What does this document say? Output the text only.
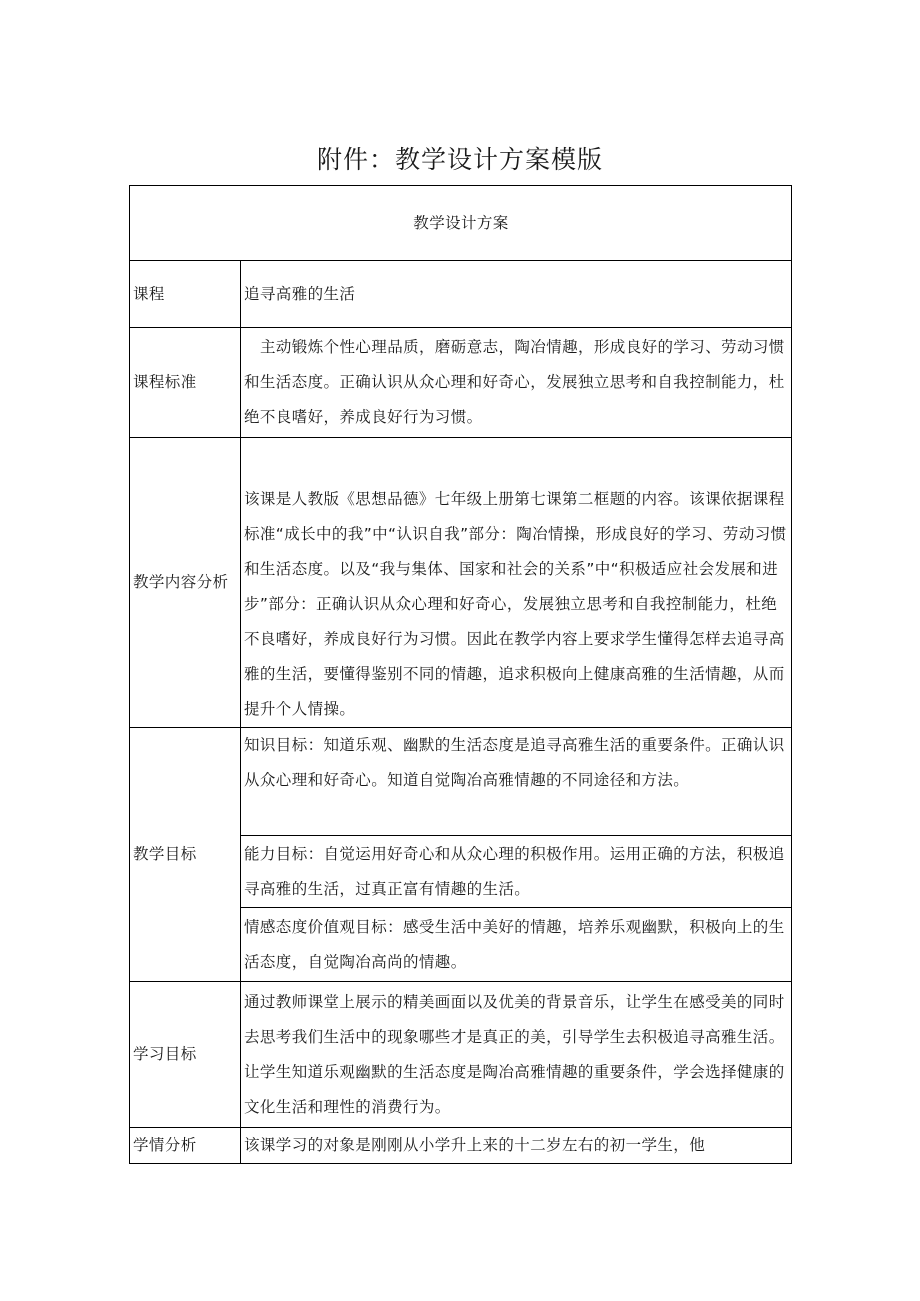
附件：教学设计方案模版
教学设计方案	
课程	追寻高雅的生活
课程标准	主动锻炼个性心理品质，磨砺意志，陶冶情趣，形成良好的学习、劳动习惯和生活态度。正确认识从众心理和好奇心，发展独立思考和自我控制能力，杜绝不良嗜好，养成良好行为习惯。
教学内容分析	该课是人教版《思想品德》七年级上册第七课第二框题的内容。该课依据课程标准“成长中的我”中“认识自我”部分：陶冶情操，形成良好的学习、劳动习惯和生活态度。以及“我与集体、国家和社会的关系”中“积极适应社会发展和进步”部分：正确认识从众心理和好奇心，发展独立思考和自我控制能力，杜绝不良嗜好，养成良好行为习惯。因此在教学内容上要求学生懂得怎样去追寻高雅的生活，要懂得鉴别不同的情趣，追求积极向上健康高雅的生活情趣，从而提升个人情操。
教学目标	知识目标：知道乐观、幽默的生活态度是追寻高雅生活的重要条件。正确认识从众心理和好奇心。知道自觉陶冶高雅情趣的不同途径和方法。
	能力目标：自觉运用好奇心和从众心理的积极作用。运用正确的方法，积极追寻高雅的生活，过真正富有情趣的生活。
	情感态度价值观目标：感受生活中美好的情趣，培养乐观幽默，积极向上的生活态度，自觉陶冶高尚的情趣。
学习目标	通过教师课堂上展示的精美画面以及优美的背景音乐，让学生在感受美的同时去思考我们生活中的现象哪些才是真正的美，引导学生去积极追寻高雅生活。让学生知道乐观幽默的生活态度是陶冶高雅情趣的重要条件，学会选择健康的文化生活和理性的消费行为。
学情分析	该课学习的对象是刚刚从小学升上来的十二岁左右的初一学生，他
